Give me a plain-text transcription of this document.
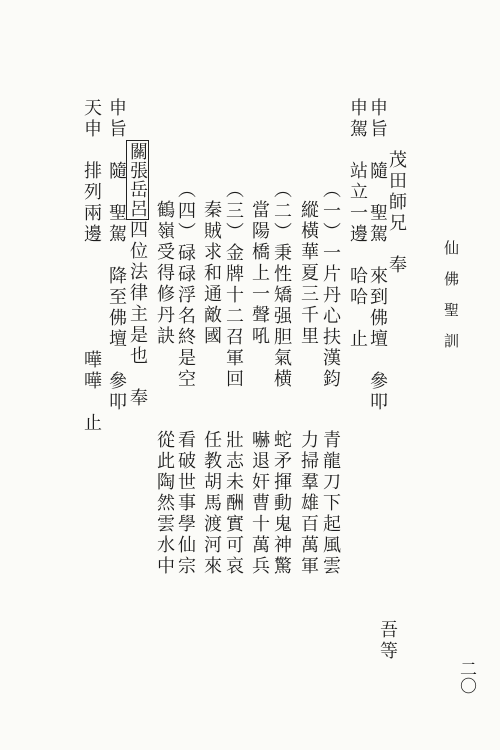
仙佛聖訓
茂田師兄　奉
申旨　隨　聖駕　來到佛壇　參叩
申駕　站立一邊　哈哈　止
（一）一片丹心扶漢鈞
縱橫華夏三千里
（二）秉性矯强胆氣横
當陽橋上一聲吼
（三）金牌十二召軍回
秦賊求和通敵國
（四）碌碌浮名終是空
鶴嶺受得修丹訣
關張岳呂四位法律主是也　奉
申旨　隨　聖駕　降至佛壇　參叩
天申　排列兩邊　　　　　嘩嘩　止
青龍刀下起風雲
力掃羣雄百萬軍
蛇矛揮動鬼神驚
嚇退奸曹十萬兵
壯志未酬實可哀
任教胡馬渡河來
看破世事學仙宗
從此陶然雲水中
吾等
二〇
